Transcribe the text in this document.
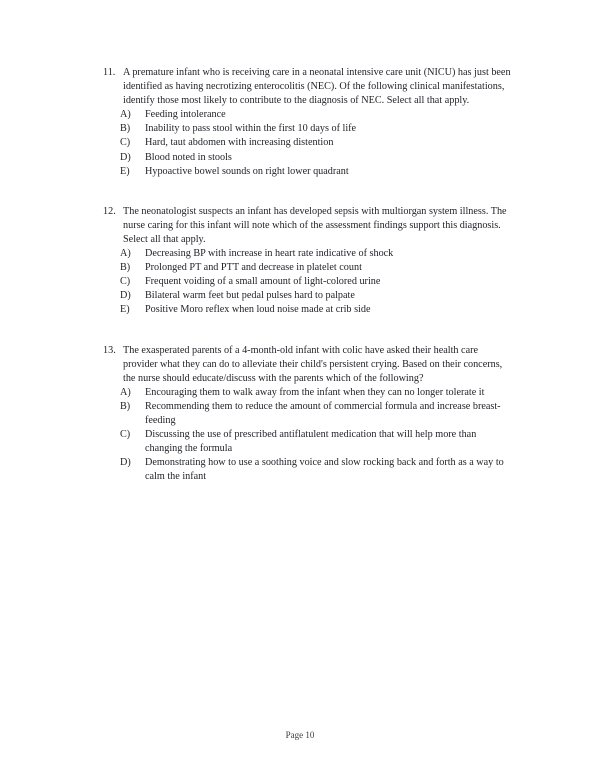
11. A premature infant who is receiving care in a neonatal intensive care unit (NICU) has just been identified as having necrotizing enterocolitis (NEC). Of the following clinical manifestations, identify those most likely to contribute to the diagnosis of NEC. Select all that apply.
A)	Feeding intolerance
B)	Inability to pass stool within the first 10 days of life
C)	Hard, taut abdomen with increasing distention
D)	Blood noted in stools
E)	Hypoactive bowel sounds on right lower quadrant
12. The neonatologist suspects an infant has developed sepsis with multiorgan system illness. The nurse caring for this infant will note which of the assessment findings support this diagnosis. Select all that apply.
A)	Decreasing BP with increase in heart rate indicative of shock
B)	Prolonged PT and PTT and decrease in platelet count
C)	Frequent voiding of a small amount of light-colored urine
D)	Bilateral warm feet but pedal pulses hard to palpate
E)	Positive Moro reflex when loud noise made at crib side
13. The exasperated parents of a 4-month-old infant with colic have asked their health care provider what they can do to alleviate their child's persistent crying. Based on their concerns, the nurse should educate/discuss with the parents which of the following?
A)	Encouraging them to walk away from the infant when they can no longer tolerate it
B)	Recommending them to reduce the amount of commercial formula and increase breast-feeding
C)	Discussing the use of prescribed antiflatulent medication that will help more than changing the formula
D)	Demonstrating how to use a soothing voice and slow rocking back and forth as a way to calm the infant
Page 10
